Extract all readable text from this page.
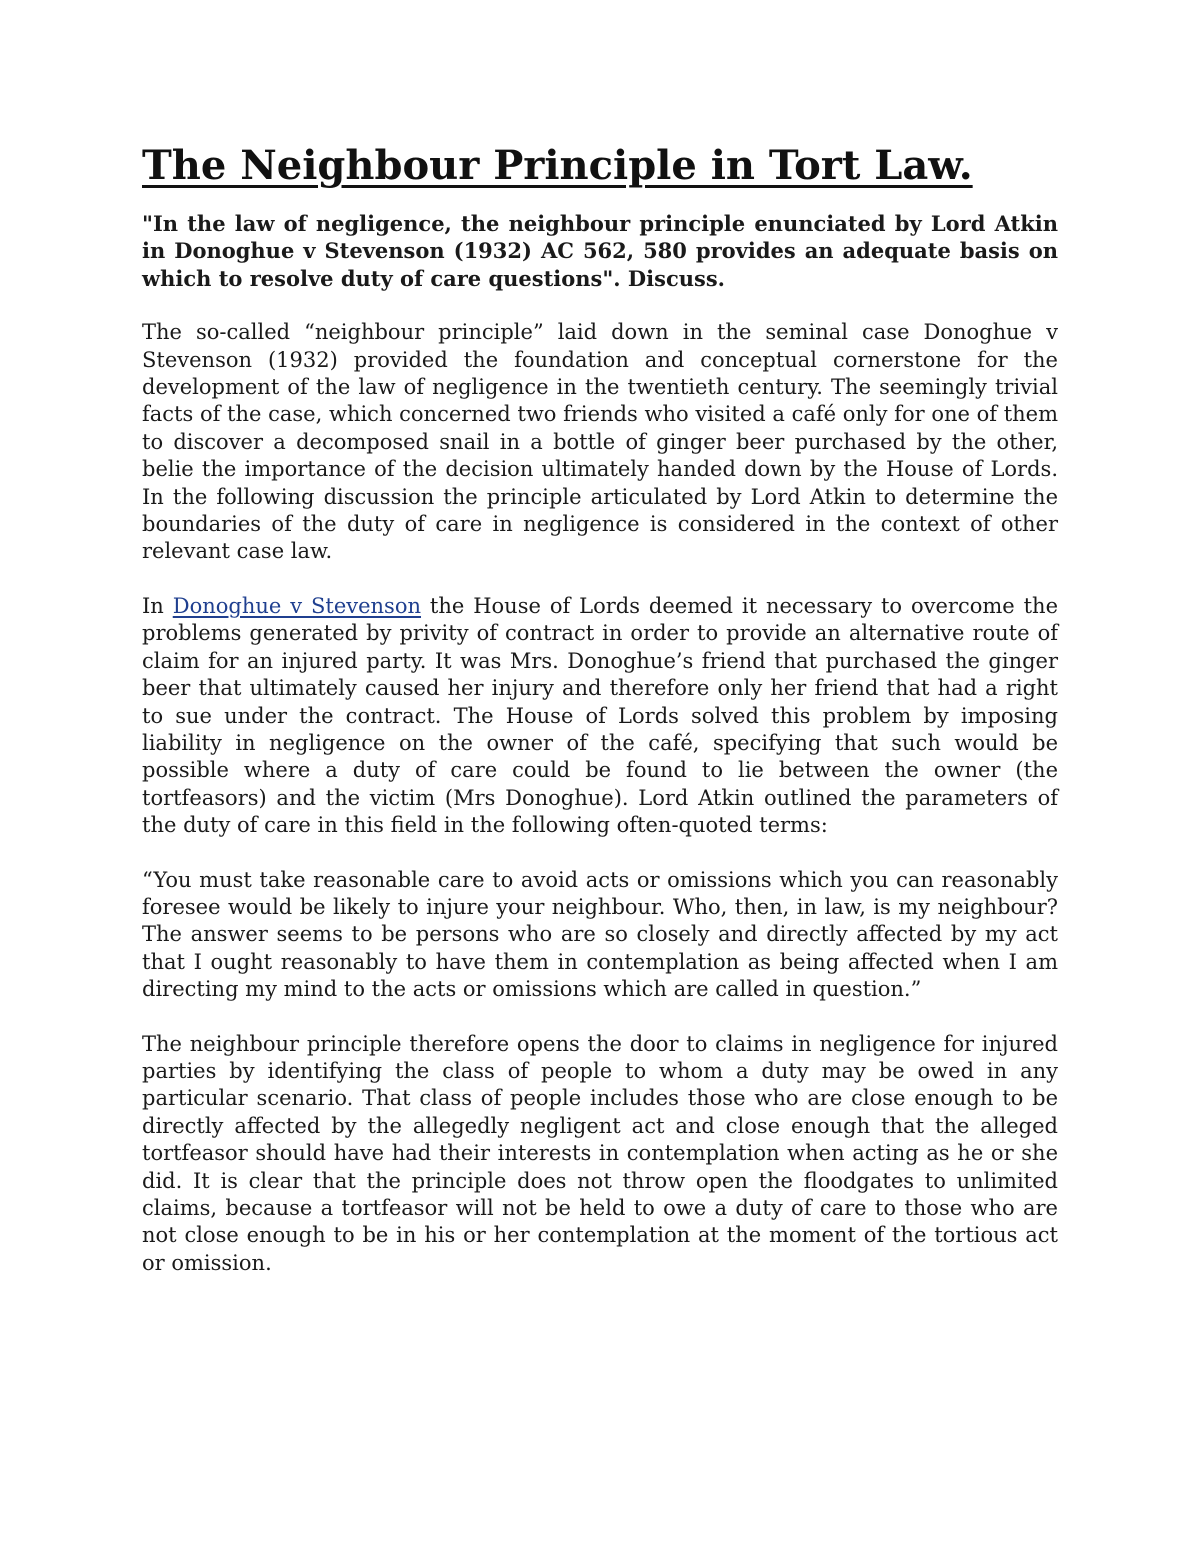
The Neighbour Principle in Tort Law.

"In the law of negligence, the neighbour principle enunciated by Lord Atkin in Donoghue v Stevenson (1932) AC 562, 580 provides an adequate basis on which to resolve duty of care questions". Discuss.

The so-called “neighbour principle” laid down in the seminal case Donoghue v Stevenson (1932) provided the foundation and conceptual cornerstone for the development of the law of negligence in the twentieth century. The seemingly trivial facts of the case, which concerned two friends who visited a café only for one of them to discover a decomposed snail in a bottle of ginger beer purchased by the other, belie the importance of the decision ultimately handed down by the House of Lords. In the following discussion the principle articulated by Lord Atkin to determine the boundaries of the duty of care in negligence is considered in the context of other relevant case law.

In Donoghue v Stevenson the House of Lords deemed it necessary to overcome the problems generated by privity of contract in order to provide an alternative route of claim for an injured party. It was Mrs. Donoghue’s friend that purchased the ginger beer that ultimately caused her injury and therefore only her friend that had a right to sue under the contract. The House of Lords solved this problem by imposing liability in negligence on the owner of the café, specifying that such would be possible where a duty of care could be found to lie between the owner (the tortfeasors) and the victim (Mrs Donoghue). Lord Atkin outlined the parameters of the duty of care in this field in the following often-quoted terms:

“You must take reasonable care to avoid acts or omissions which you can reasonably foresee would be likely to injure your neighbour. Who, then, in law, is my neighbour? The answer seems to be persons who are so closely and directly affected by my act that I ought reasonably to have them in contemplation as being affected when I am directing my mind to the acts or omissions which are called in question.”

The neighbour principle therefore opens the door to claims in negligence for injured parties by identifying the class of people to whom a duty may be owed in any particular scenario. That class of people includes those who are close enough to be directly affected by the allegedly negligent act and close enough that the alleged tortfeasor should have had their interests in contemplation when acting as he or she did. It is clear that the principle does not throw open the floodgates to unlimited claims, because a tortfeasor will not be held to owe a duty of care to those who are not close enough to be in his or her contemplation at the moment of the tortious act or omission.
